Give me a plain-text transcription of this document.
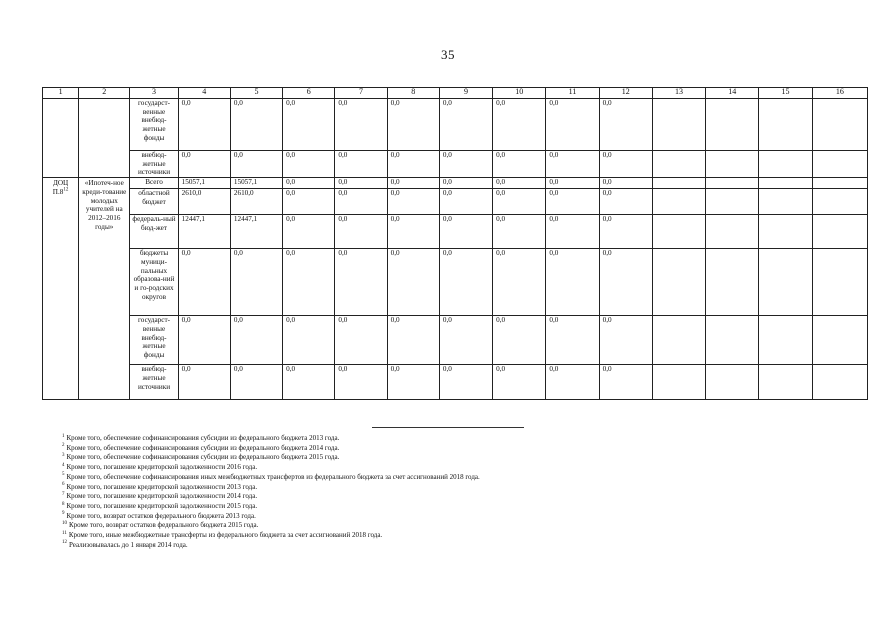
35
1	2	3	4	5	6	7	8	9	10	11	12	13	14	15	16
		государст-венные внебюд-жетные фонды	0,0	0,0	0,0	0,0	0,0	0,0	0,0	0,0	0,0				
		внебюд-жетные источники	0,0	0,0	0,0	0,0	0,0	0,0	0,0	0,0	0,0				
ДОЦ $П.8^{12}$	«Ипотеч-ное креди-тование молодых учителей на 2012–2016 годы»	Всего	15057,1	15057,1	0,0	0,0	0,0	0,0	0,0	0,0	0,0				
		областной бюджет	2610,0	2610,0	0,0	0,0	0,0	0,0	0,0	0,0	0,0				
		федераль-ный бюд-жет	12447,1	12447,1	0,0	0,0	0,0	0,0	0,0	0,0	0,0				
		бюджеты муници-пальных образова-ний и го-родских округов	0,0	0,0	0,0	0,0	0,0	0,0	0,0	0,0	0,0				
		государст-венные внебюд-жетные фонды	0,0	0,0	0,0	0,0	0,0	0,0	0,0	0,0	0,0				
		внебюд-жетные источники	0,0	0,0	0,0	0,0	0,0	0,0	0,0	0,0	0,0				
$^1$ Кроме того, обеспечение софинансирования субсидии из федерального бюджета 2013 года.
$^2$ Кроме того, обеспечение софинансирования субсидии из федерального бюджета 2014 года.
$^3$ Кроме того, обеспечение софинансирования субсидии из федерального бюджета 2015 года.
$^4$ Кроме того, погашение кредиторской задолженности 2016 года.
$^5$ Кроме того, обеспечение софинансирования иных межбюджетных трансфертов из федерального бюджета за счет ассигнований 2018 года.
$^6$ Кроме того, погашение кредиторской задолженности 2013 года.
$^7$ Кроме того, погашение кредиторской задолженности 2014 года.
$^8$ Кроме того, погашение кредиторской задолженности 2015 года.
$^9$ Кроме того, возврат остатков федерального бюджета 2013 года.
$^{10}$ Кроме того, возврат остатков федерального бюджета 2015 года.
$^{11}$ Кроме того, иные межбюджетные трансферты из федерального бюджета за счет ассигнований 2018 года.
$^{12}$ Реализовывалась до 1 января 2014 года.
